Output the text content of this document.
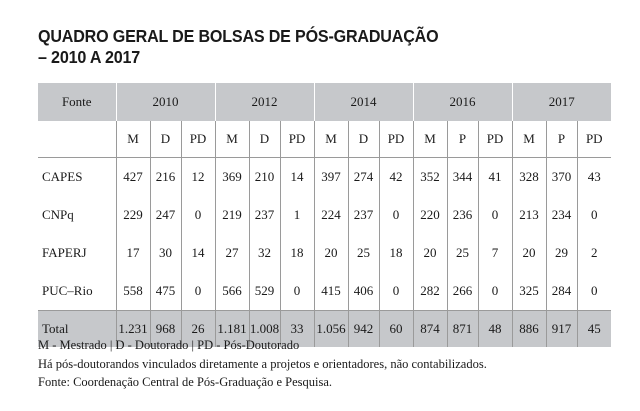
QUADRO GERAL DE BOLSAS DE PÓS-GRADUAÇÃO
– 2010 A 2017
Fonte	2010			2012			2014			2016			2017		
	M	D	PD	M	D	PD	M	D	PD	M	P	PD	M	P	PD
CAPES	427	216	12	369	210	14	397	274	42	352	344	41	328	370	43
CNPq	229	247	0	219	237	1	224	237	0	220	236	0	213	234	0
FAPERJ	17	30	14	27	32	18	20	25	18	20	25	7	20	29	2
PUC–Rio	558	475	0	566	529	0	415	406	0	282	266	0	325	284	0
Total	1.231	968	26	1.181	1.008	33	1.056	942	60	874	871	48	886	917	45
M - Mestrado | D - Doutorado | PD - Pós-Doutorado
Há pós-doutorandos vinculados diretamente a projetos e orientadores, não contabilizados.
Fonte: Coordenação Central de Pós-Graduação e Pesquisa.
